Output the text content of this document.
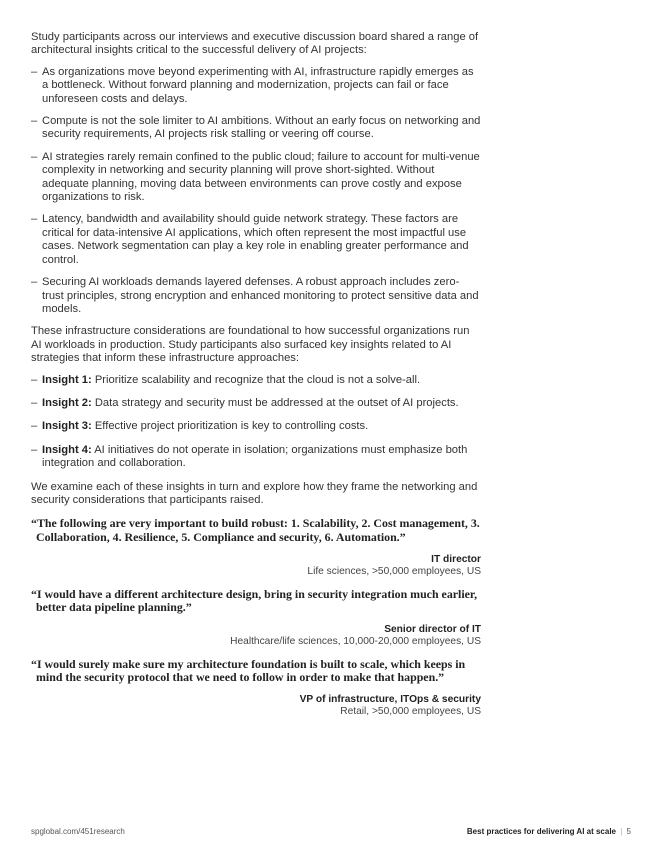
Study participants across our interviews and executive discussion board shared a range of architectural insights critical to the successful delivery of AI projects:

– As organizations move beyond experimenting with AI, infrastructure rapidly emerges as a bottleneck. Without forward planning and modernization, projects can fail or face unforeseen costs and delays.
– Compute is not the sole limiter to AI ambitions. Without an early focus on networking and security requirements, AI projects risk stalling or veering off course.
– AI strategies rarely remain confined to the public cloud; failure to account for multi-venue complexity in networking and security planning will prove short-sighted. Without adequate planning, moving data between environments can prove costly and expose organizations to risk.
– Latency, bandwidth and availability should guide network strategy. These factors are critical for data-intensive AI applications, which often represent the most impactful use cases. Network segmentation can play a key role in enabling greater performance and control.
– Securing AI workloads demands layered defenses. A robust approach includes zero-trust principles, strong encryption and enhanced monitoring to protect sensitive data and models.

These infrastructure considerations are foundational to how successful organizations run AI workloads in production. Study participants also surfaced key insights related to AI strategies that inform these infrastructure approaches:

– Insight 1: Prioritize scalability and recognize that the cloud is not a solve-all.
– Insight 2: Data strategy and security must be addressed at the outset of AI projects.
– Insight 3: Effective project prioritization is key to controlling costs.
– Insight 4: AI initiatives do not operate in isolation; organizations must emphasize both integration and collaboration.

We examine each of these insights in turn and explore how they frame the networking and security considerations that participants raised.

“The following are very important to build robust: 1. Scalability, 2. Cost management, 3. Collaboration, 4. Resilience, 5. Compliance and security, 6. Automation.”

IT director
Life sciences, >50,000 employees, US

“I would have a different architecture design, bring in security integration much earlier, better data pipeline planning.”

Senior director of IT
Healthcare/life sciences, 10,000-20,000 employees, US

“I would surely make sure my architecture foundation is built to scale, which keeps in mind the security protocol that we need to follow in order to make that happen.”

VP of infrastructure, ITOps & security
Retail, >50,000 employees, US
spglobal.com/451research	Best practices for delivering AI at scale | 5
